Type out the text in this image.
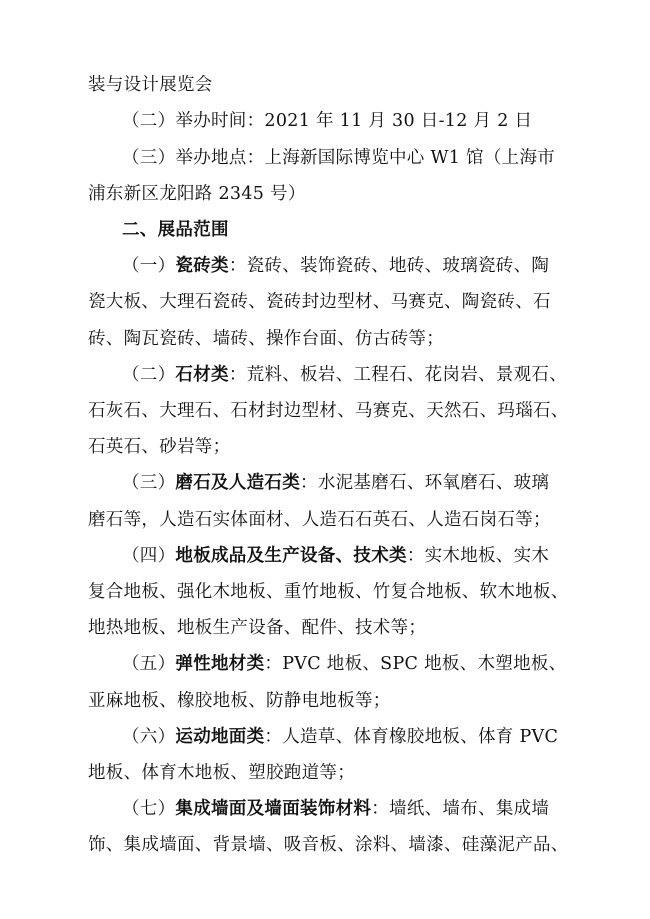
装与设计展览会
（二）举办时间：2021 年 11 月 30 日-12 月 2 日
（三）举办地点：上海新国际博览中心 W1 馆（上海市
浦东新区龙阳路 2345 号）
二、展品范围
（一）瓷砖类：瓷砖、装饰瓷砖、地砖、玻璃瓷砖、陶
瓷大板、大理石瓷砖、瓷砖封边型材、马赛克、陶瓷砖、石
砖、陶瓦瓷砖、墙砖、操作台面、仿古砖等；
（二）石材类：荒料、板岩、工程石、花岗岩、景观石、
石灰石、大理石、石材封边型材、马赛克、天然石、玛瑙石、
石英石、砂岩等；
（三）磨石及人造石类：水泥基磨石、环氧磨石、玻璃
磨石等，人造石实体面材、人造石石英石、人造石岗石等；
（四）地板成品及生产设备、技术类：实木地板、实木
复合地板、强化木地板、重竹地板、竹复合地板、软木地板、
地热地板、地板生产设备、配件、技术等；
（五）弹性地材类：PVC 地板、SPC 地板、木塑地板、
亚麻地板、橡胶地板、防静电地板等；
（六）运动地面类：人造草、体育橡胶地板、体育 PVC
地板、体育木地板、塑胶跑道等；
（七）集成墙面及墙面装饰材料：墙纸、墙布、集成墙
饰、集成墙面、背景墙、吸音板、涂料、墙漆、硅藻泥产品、
